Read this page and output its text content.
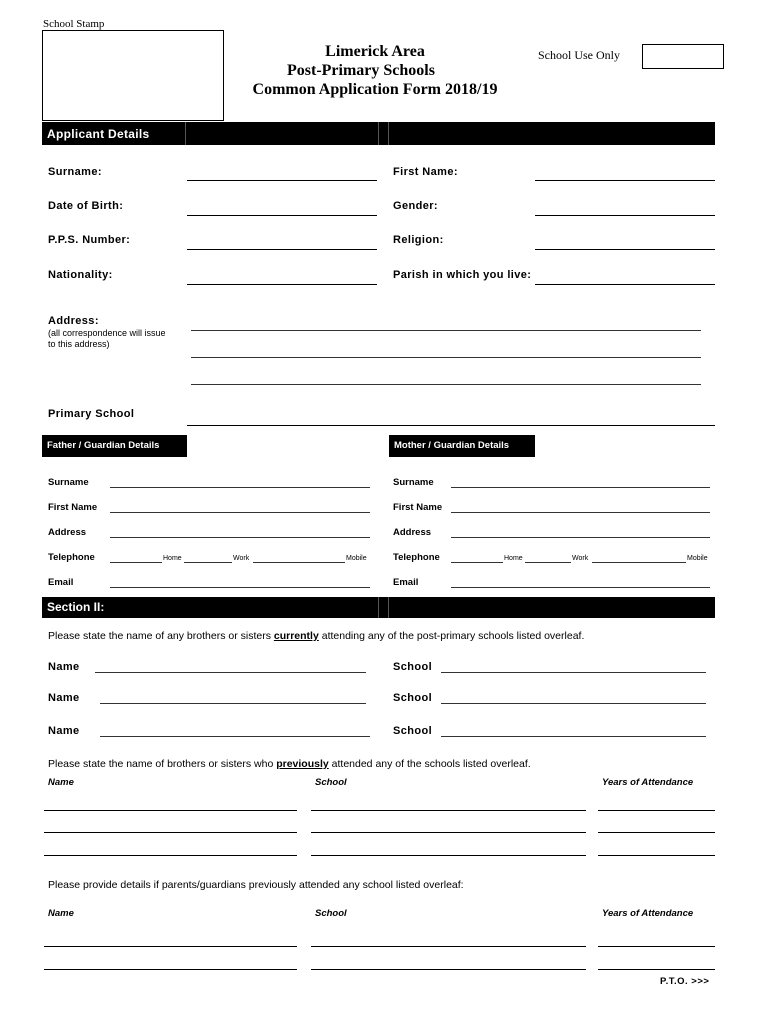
School Stamp
Limerick Area
Post-Primary Schools
Common Application Form 2018/19
School Use Only
Applicant Details
Surname:	First Name:
Date of Birth:	Gender:
P.P.S. Number:	Religion:
Nationality:	Parish in which you live:
Address:
(all correspondence will issue
to this address)
Primary School
Father / Guardian Details	Mother / Guardian Details
Surname
First Name
Address
Telephone	Home	Work	Mobile
Email
Surname
First Name
Address
Telephone	Home	Work	Mobile
Email
Section II:
Please state the name of any brothers or sisters currently attending any of the post-primary schools listed overleaf.
Name	School
Name	School
Name	School
Please state the name of brothers or sisters who previously attended any of the schools listed overleaf.
Name	School	Years of Attendance
Please provide details if parents/guardians previously attended any school listed overleaf:
Name	School	Years of Attendance
P.T.O. >>>
